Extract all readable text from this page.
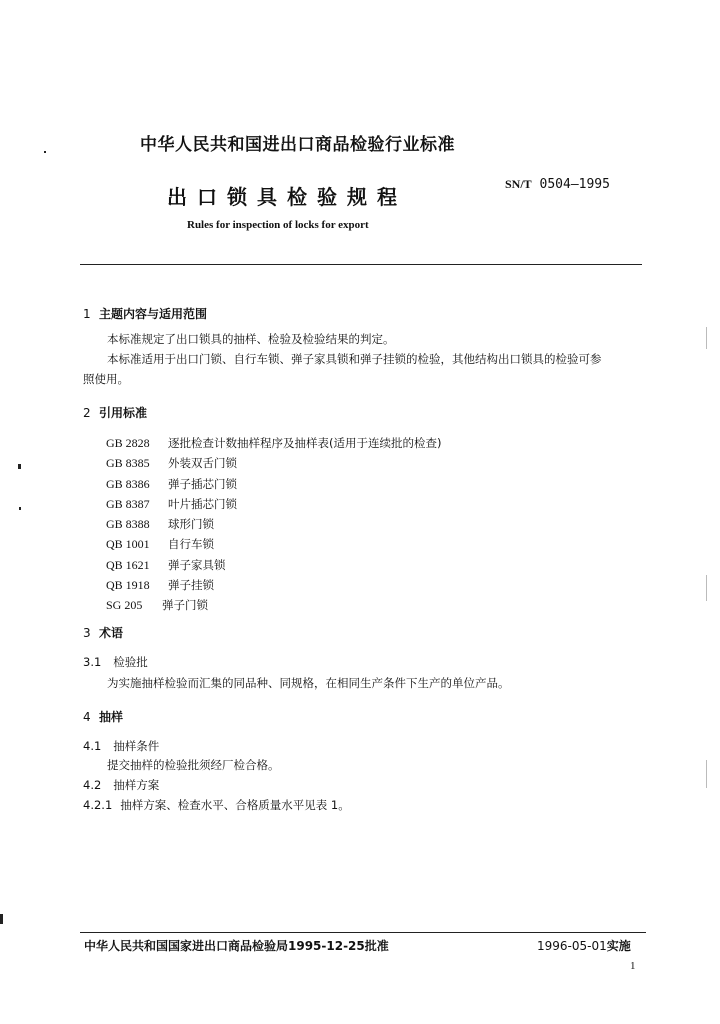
中华人民共和国进出口商品检验行业标准
出口锁具检验规程
SN/T 0504—1995
Rules for inspection of locks for export
1 主题内容与适用范围
本标准规定了出口锁具的抽样、检验及检验结果的判定。
本标准适用于出口门锁、自行车锁、弹子家具锁和弹子挂锁的检验，其他结构出口锁具的检验可参
照使用。
2 引用标准
GB 2828 逐批检查计数抽样程序及抽样表(适用于连续批的检查)
GB 8385 外装双舌门锁
GB 8386 弹子插芯门锁
GB 8387 叶片插芯门锁
GB 8388 球形门锁
QB 1001 自行车锁
QB 1621 弹子家具锁
QB 1918 弹子挂锁
SG 205 弹子门锁
3 术语
3.1 检验批
为实施抽样检验而汇集的同品种、同规格，在相同生产条件下生产的单位产品。
4 抽样
4.1 抽样条件
提交抽样的检验批须经厂检合格。
4.2 抽样方案
4.2.1 抽样方案、检查水平、合格质量水平见表 1。
中华人民共和国国家进出口商品检验局1995-12-25批准	1996-05-01实施
1
